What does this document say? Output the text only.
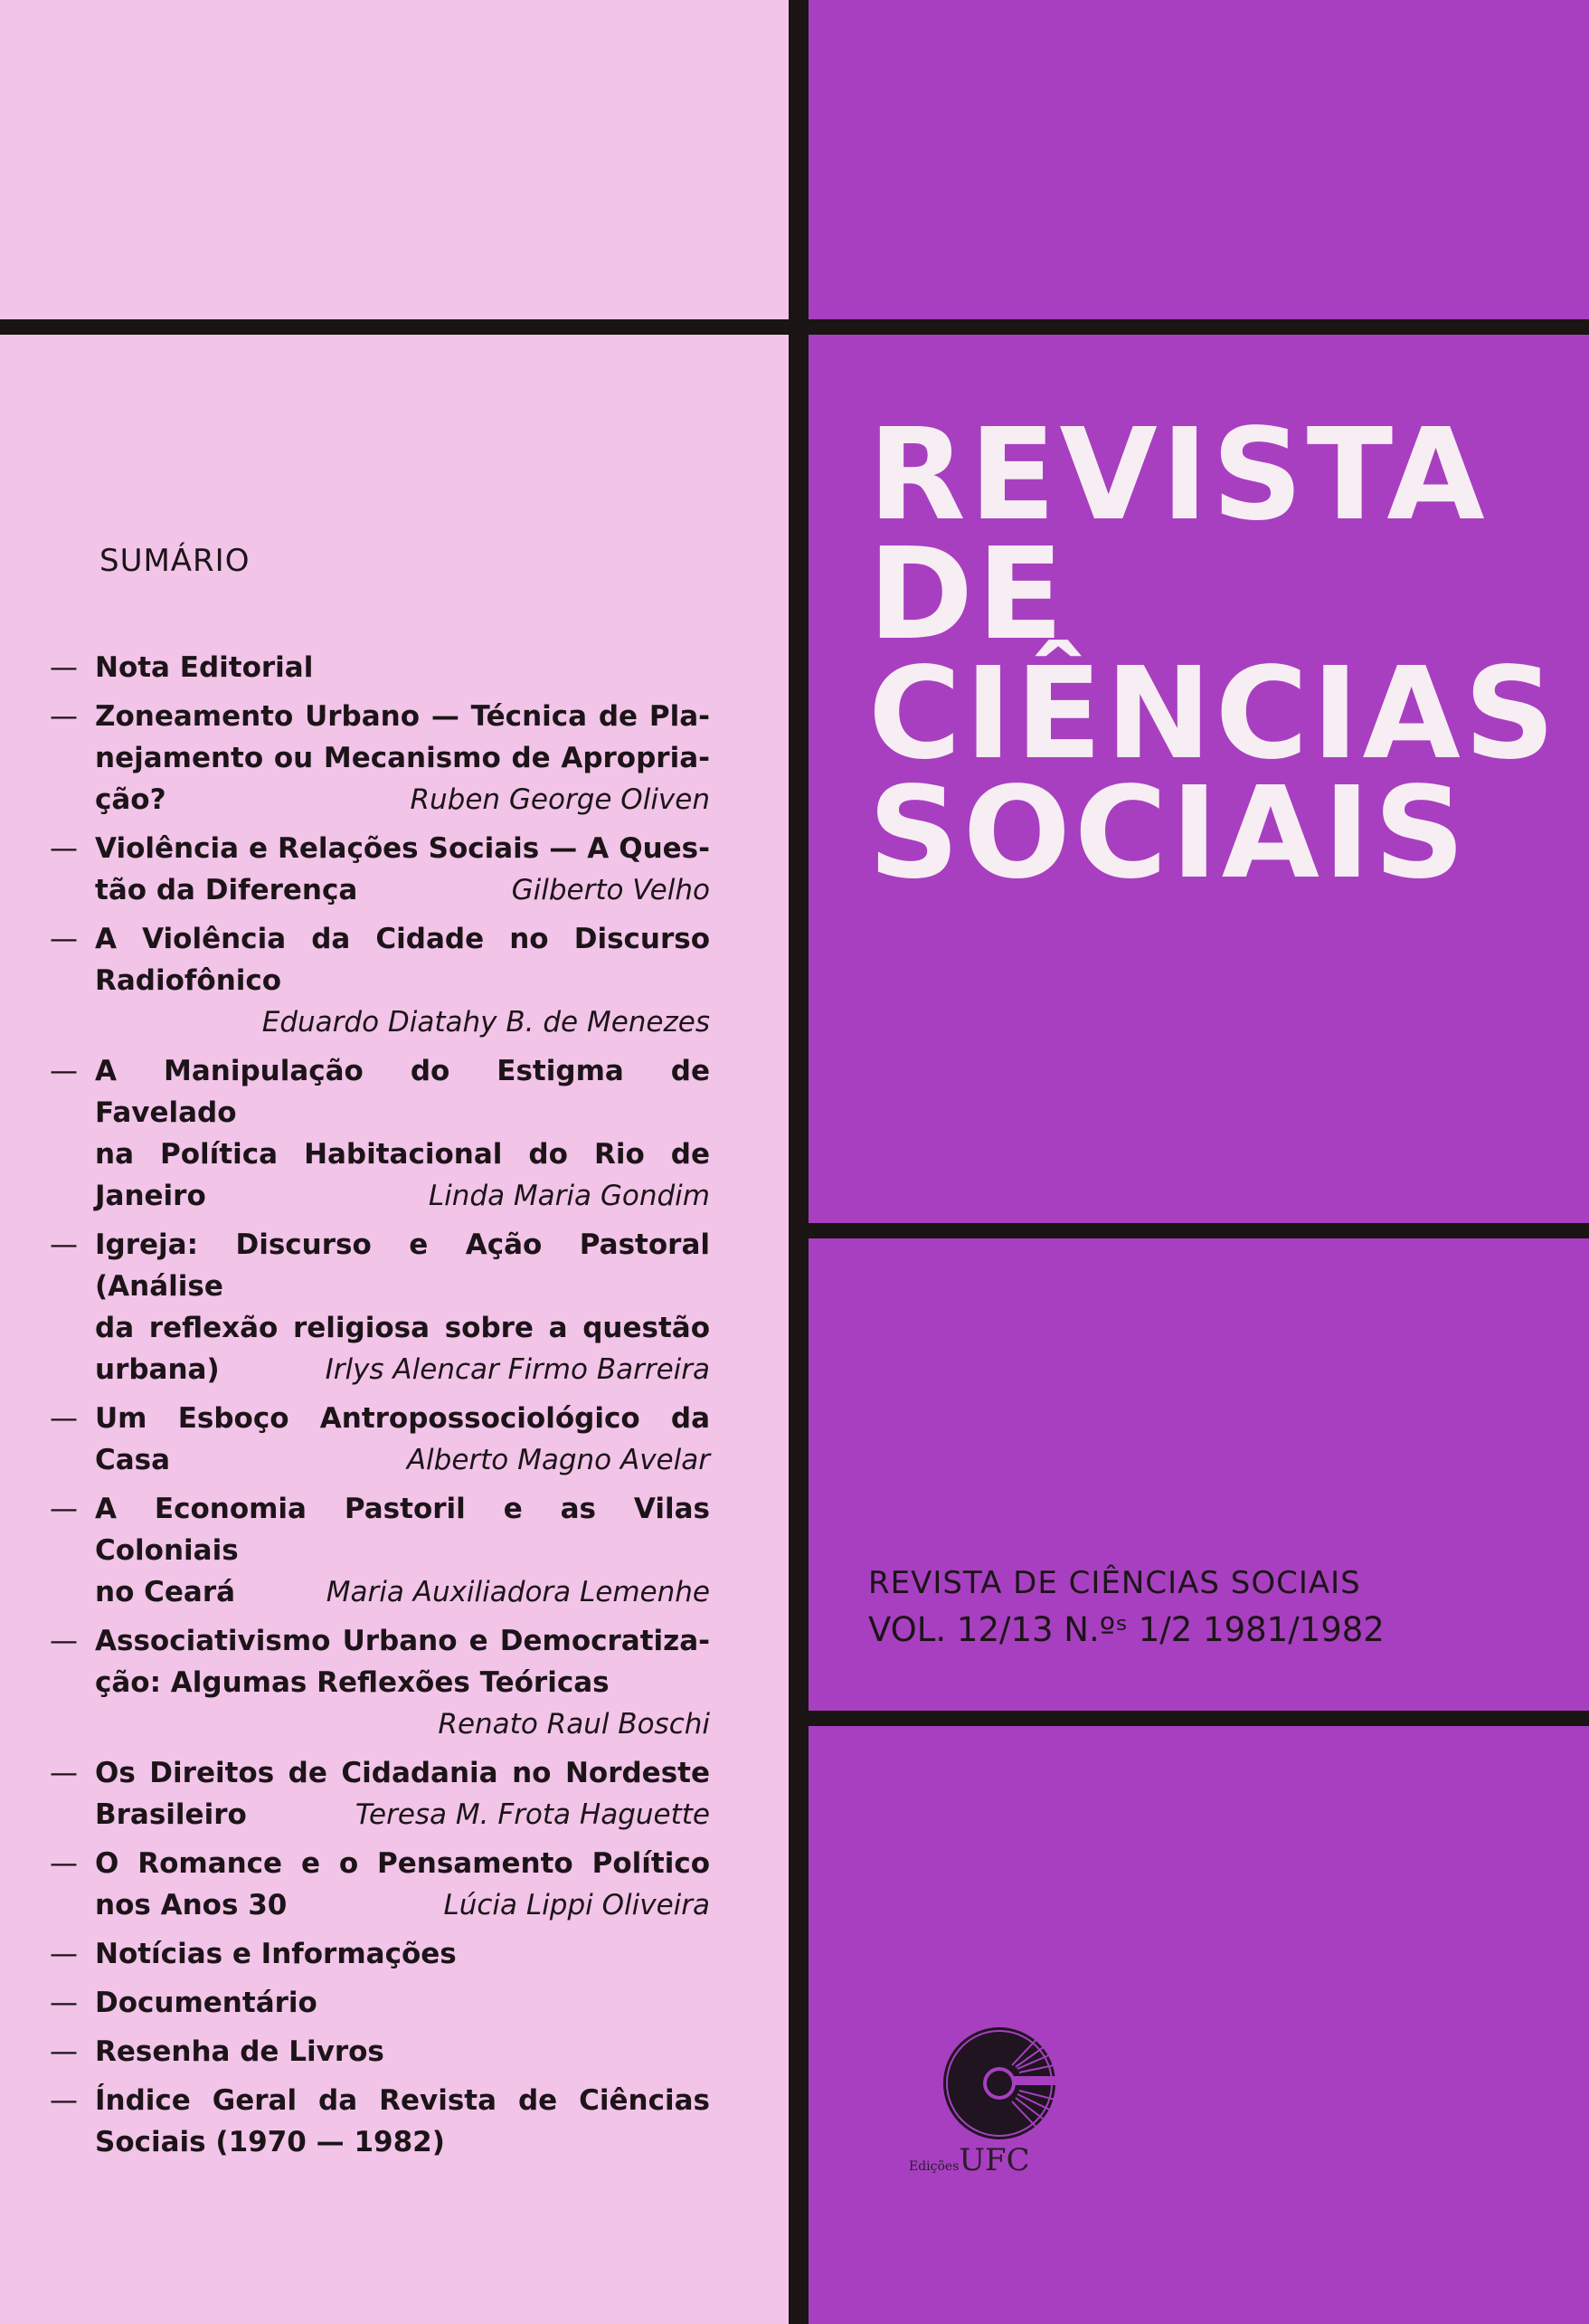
SUMÁRIO
— Nota Editorial
— Zoneamento Urbano — Técnica de Pla-
nejamento ou Mecanismo de Apropria-
ção?	Ruben George Oliven
— Violência e Relações Sociais — A Ques-
tão da Diferença	Gilberto Velho
— A Violência da Cidade no Discurso
Radiofônico
Eduardo Diatahy B. de Menezes
— A Manipulação do Estigma de Favelado
na Política Habitacional do Rio de
Janeiro	Linda Maria Gondim
— Igreja: Discurso e Ação Pastoral (Análise
da reflexão religiosa sobre a questão
urbana)	Irlys Alencar Firmo Barreira
— Um Esboço Antropossociológico da
Casa	Alberto Magno Avelar
— A Economia Pastoril e as Vilas Coloniais
no Ceará	Maria Auxiliadora Lemenhe
— Associativismo Urbano e Democratiza-
ção: Algumas Reflexões Teóricas
Renato Raul Boschi
— Os Direitos de Cidadania no Nordeste
Brasileiro	Teresa M. Frota Haguette
— O Romance e o Pensamento Político
nos Anos 30	Lúcia Lippi Oliveira
— Notícias e Informações
— Documentário
— Resenha de Livros
— Índice Geral da Revista de Ciências
Sociais (1970 — 1982)
REVISTA
DE
CIÊNCIAS
SOCIAIS
REVISTA DE CIÊNCIAS SOCIAIS
VOL. 12/13 N.ºˢ 1/2 1981/1982
EdiçõesUFC
